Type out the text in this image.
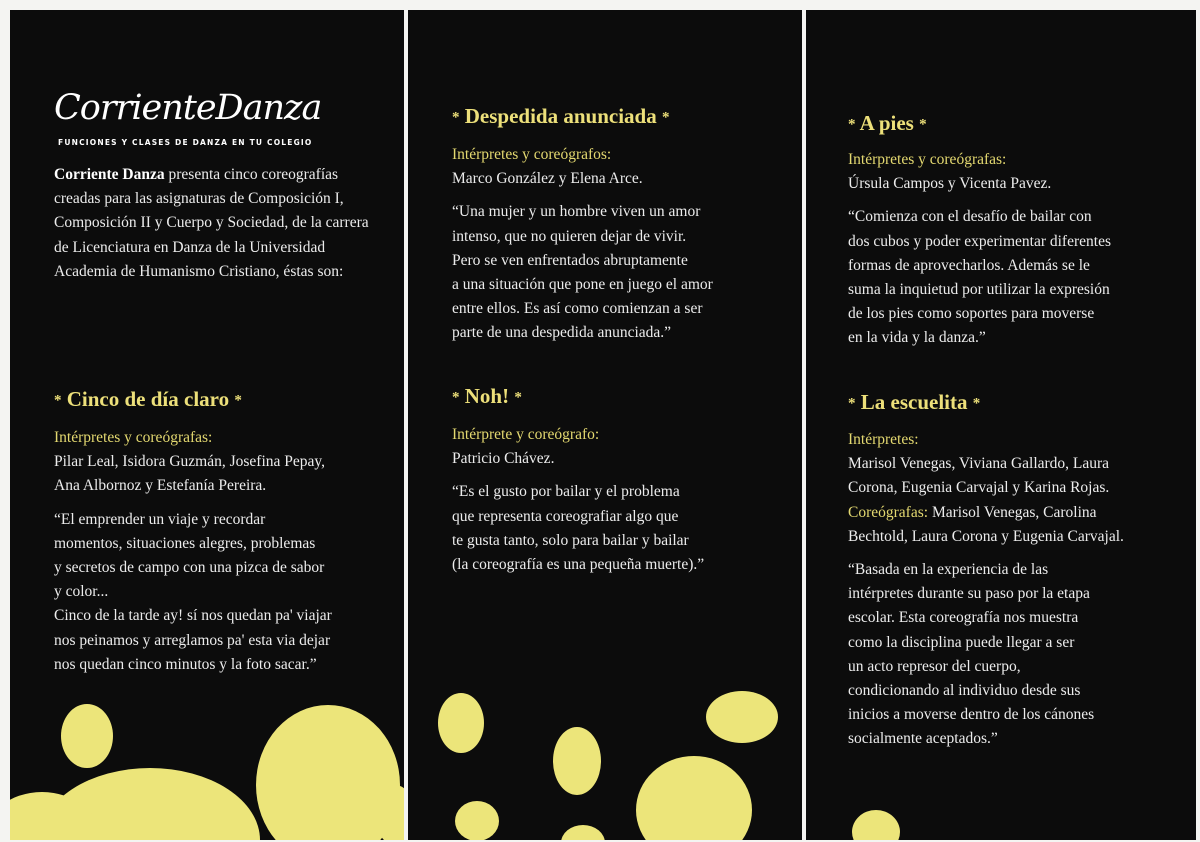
CorrienteDanza
FUNCIONES Y CLASES DE DANZA EN TU COLEGIO
Corriente Danza presenta cinco coreografías
creadas para las asignaturas de Composición I,
Composición II y Cuerpo y Sociedad, de la carrera
de Licenciatura en Danza de la Universidad
Academia de Humanismo Cristiano, éstas son:
* Cinco de día claro *
Intérpretes y coreógrafas:
Pilar Leal, Isidora Guzmán, Josefina Pepay,
Ana Albornoz y Estefanía Pereira.
“El emprender un viaje y recordar
momentos, situaciones alegres, problemas
y secretos de campo con una pizca de sabor
y color...
Cinco de la tarde ay! sí nos quedan pa' viajar
nos peinamos y arreglamos pa' esta via dejar
nos quedan cinco minutos y la foto sacar.”
* Despedida anunciada *
Intérpretes y coreógrafos:
Marco González y Elena Arce.
“Una mujer y un hombre viven un amor
intenso, que no quieren dejar de vivir.
Pero se ven enfrentados abruptamente
a una situación que pone en juego el amor
entre ellos. Es así como comienzan a ser
parte de una despedida anunciada.”
* Noh! *
Intérprete y coreógrafo:
Patricio Chávez.
“Es el gusto por bailar y el problema
que representa coreografiar algo que
te gusta tanto, solo para bailar y bailar
(la coreografía es una pequeña muerte).”
* A pies *
Intérpretes y coreógrafas:
Úrsula Campos y Vicenta Pavez.
“Comienza con el desafío de bailar con
dos cubos y poder experimentar diferentes
formas de aprovecharlos. Además se le
suma la inquietud por utilizar la expresión
de los pies como soportes para moverse
en la vida y la danza.”
* La escuelita *
Intérpretes:
Marisol Venegas, Viviana Gallardo, Laura
Corona, Eugenia Carvajal y Karina Rojas.
Coreógrafas: Marisol Venegas, Carolina
Bechtold, Laura Corona y Eugenia Carvajal.
“Basada en la experiencia de las
intérpretes durante su paso por la etapa
escolar. Esta coreografía nos muestra
como la disciplina puede llegar a ser
un acto represor del cuerpo,
condicionando al individuo desde sus
inicios a moverse dentro de los cánones
socialmente aceptados.”
